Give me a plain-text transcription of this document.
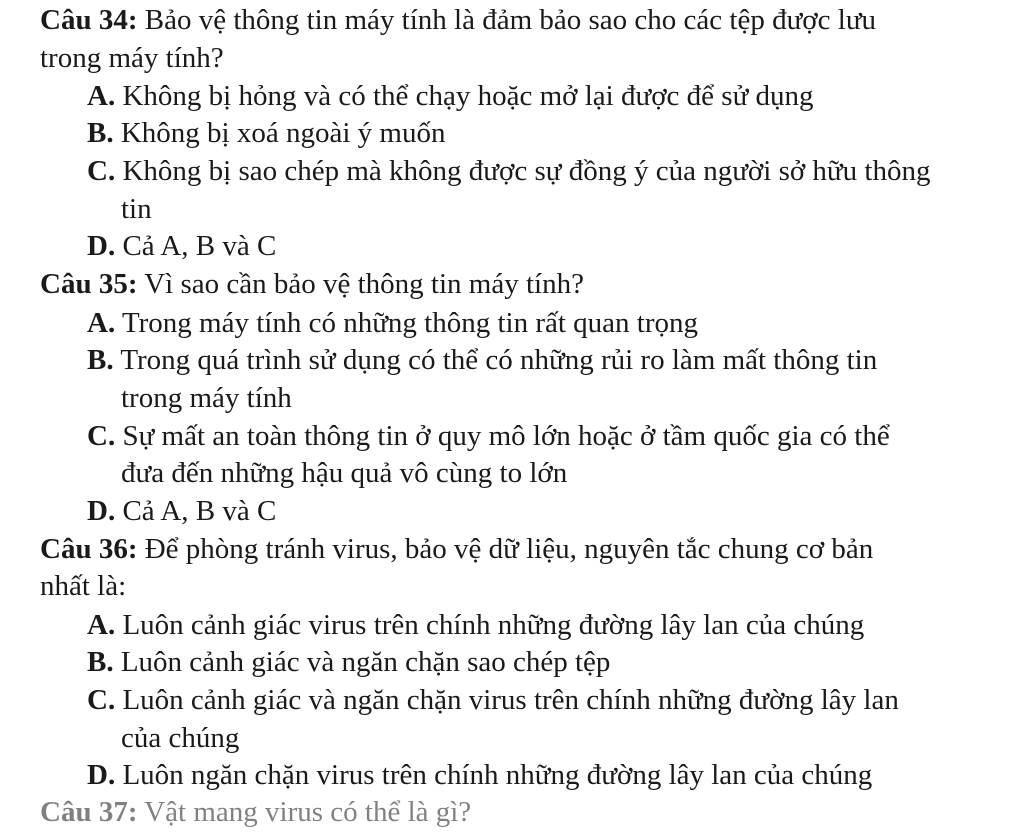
Câu 34: Bảo vệ thông tin máy tính là đảm bảo sao cho các tệp được lưu
trong máy tính?
A. Không bị hỏng và có thể chạy hoặc mở lại được để sử dụng
B. Không bị xoá ngoài ý muốn
C. Không bị sao chép mà không được sự đồng ý của người sở hữu thông
tin
D. Cả A, B và C
Câu 35: Vì sao cần bảo vệ thông tin máy tính?
A. Trong máy tính có những thông tin rất quan trọng
B. Trong quá trình sử dụng có thể có những rủi ro làm mất thông tin
trong máy tính
C. Sự mất an toàn thông tin ở quy mô lớn hoặc ở tầm quốc gia có thể
đưa đến những hậu quả vô cùng to lớn
D. Cả A, B và C
Câu 36: Để phòng tránh virus, bảo vệ dữ liệu, nguyên tắc chung cơ bản
nhất là:
A. Luôn cảnh giác virus trên chính những đường lây lan của chúng
B. Luôn cảnh giác và ngăn chặn sao chép tệp
C. Luôn cảnh giác và ngăn chặn virus trên chính những đường lây lan
của chúng
D. Luôn ngăn chặn virus trên chính những đường lây lan của chúng
Câu 37: Vật mang virus có thể là gì?
